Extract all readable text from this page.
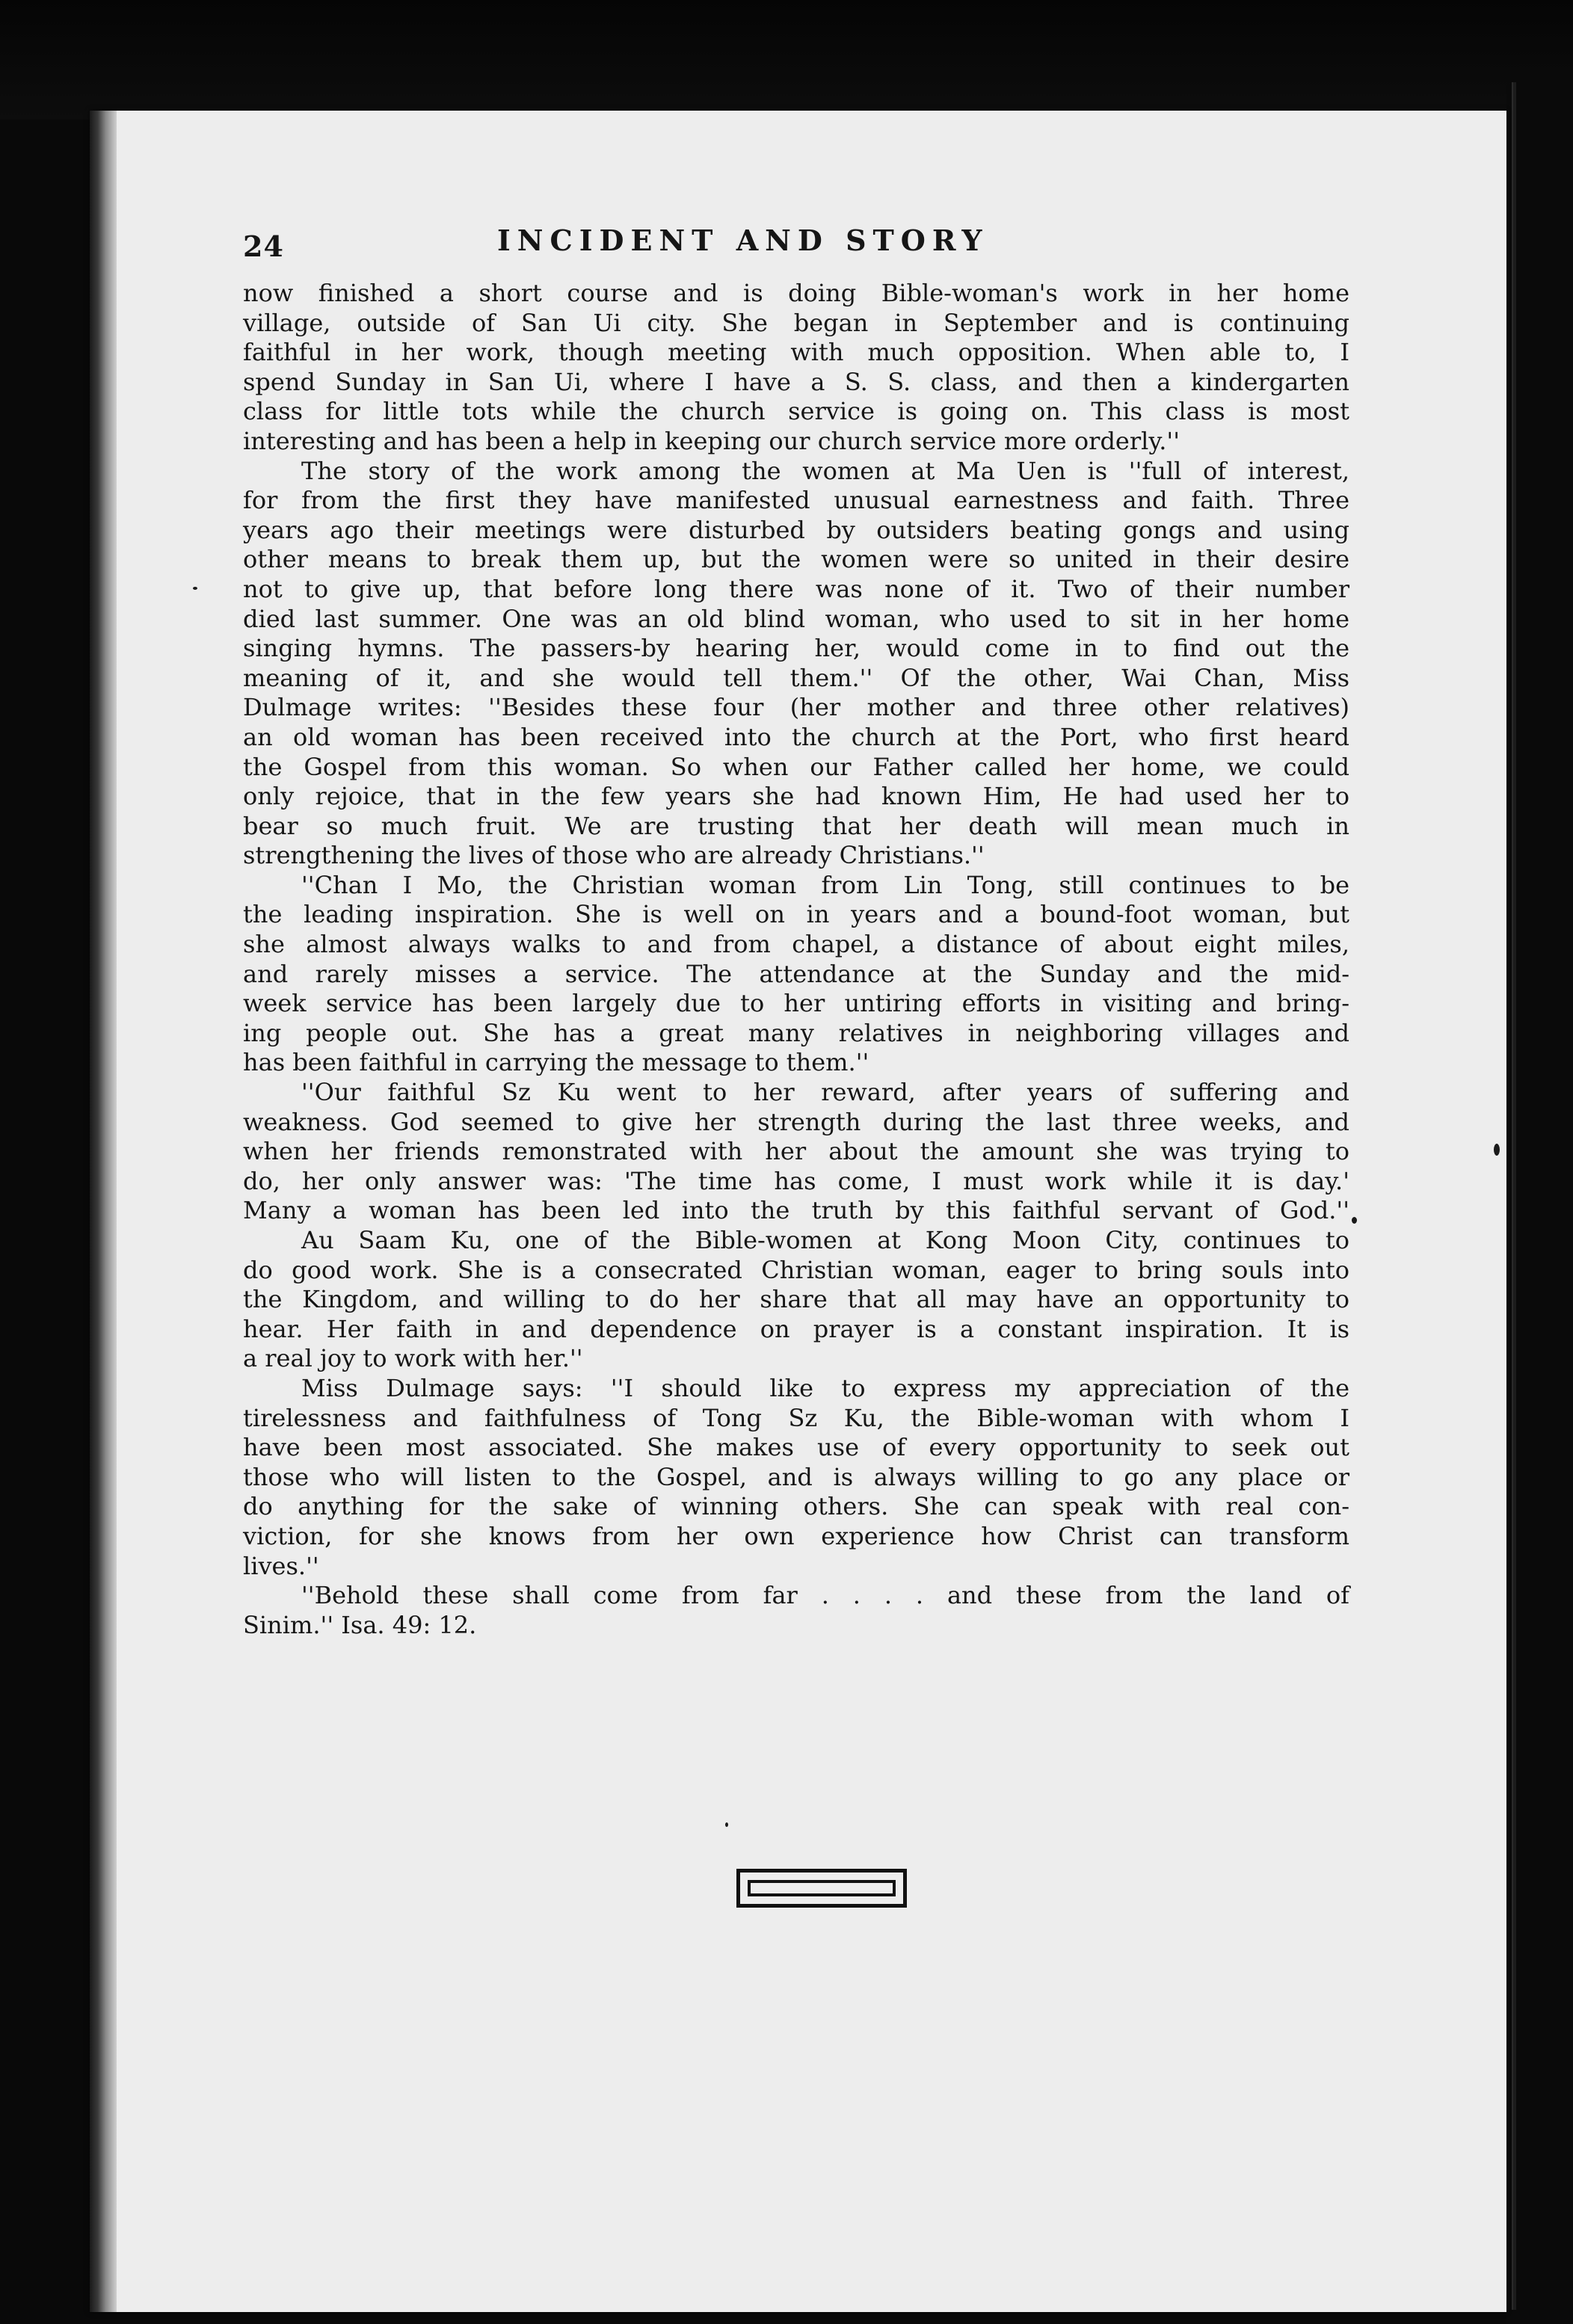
24	INCIDENT AND STORY
now finished a short course and is doing Bible-woman's work in her home
village, outside of San Ui city. She began in September and is continuing
faithful in her work, though meeting with much opposition. When able to, I
spend Sunday in San Ui, where I have a S. S. class, and then a kindergarten
class for little tots while the church service is going on. This class is most
interesting and has been a help in keeping our church service more orderly.''
The story of the work among the women at Ma Uen is ''full of interest,
for from the first they have manifested unusual earnestness and faith. Three
years ago their meetings were disturbed by outsiders beating gongs and using
other means to break them up, but the women were so united in their desire
not to give up, that before long there was none of it. Two of their number
died last summer. One was an old blind woman, who used to sit in her home
singing hymns. The passers-by hearing her, would come in to find out the
meaning of it, and she would tell them.'' Of the other, Wai Chan, Miss
Dulmage writes: ''Besides these four (her mother and three other relatives)
an old woman has been received into the church at the Port, who first heard
the Gospel from this woman. So when our Father called her home, we could
only rejoice, that in the few years she had known Him, He had used her to
bear so much fruit. We are trusting that her death will mean much in
strengthening the lives of those who are already Christians.''
''Chan I Mo, the Christian woman from Lin Tong, still continues to be
the leading inspiration. She is well on in years and a bound-foot woman, but
she almost always walks to and from chapel, a distance of about eight miles,
and rarely misses a service. The attendance at the Sunday and the mid-
week service has been largely due to her untiring efforts in visiting and bring-
ing people out. She has a great many relatives in neighboring villages and
has been faithful in carrying the message to them.''
''Our faithful Sz Ku went to her reward, after years of suffering and
weakness. God seemed to give her strength during the last three weeks, and
when her friends remonstrated with her about the amount she was trying to
do, her only answer was: 'The time has come, I must work while it is day.'
Many a woman has been led into the truth by this faithful servant of God.''
Au Saam Ku, one of the Bible-women at Kong Moon City, continues to
do good work. She is a consecrated Christian woman, eager to bring souls into
the Kingdom, and willing to do her share that all may have an opportunity to
hear. Her faith in and dependence on prayer is a constant inspiration. It is
a real joy to work with her.''
Miss Dulmage says: ''I should like to express my appreciation of the
tirelessness and faithfulness of Tong Sz Ku, the Bible-woman with whom I
have been most associated. She makes use of every opportunity to seek out
those who will listen to the Gospel, and is always willing to go any place or
do anything for the sake of winning others. She can speak with real con-
viction, for she knows from her own experience how Christ can transform
lives.''
''Behold these shall come from far . . . . and these from the land of
Sinim.'' Isa. 49: 12.
